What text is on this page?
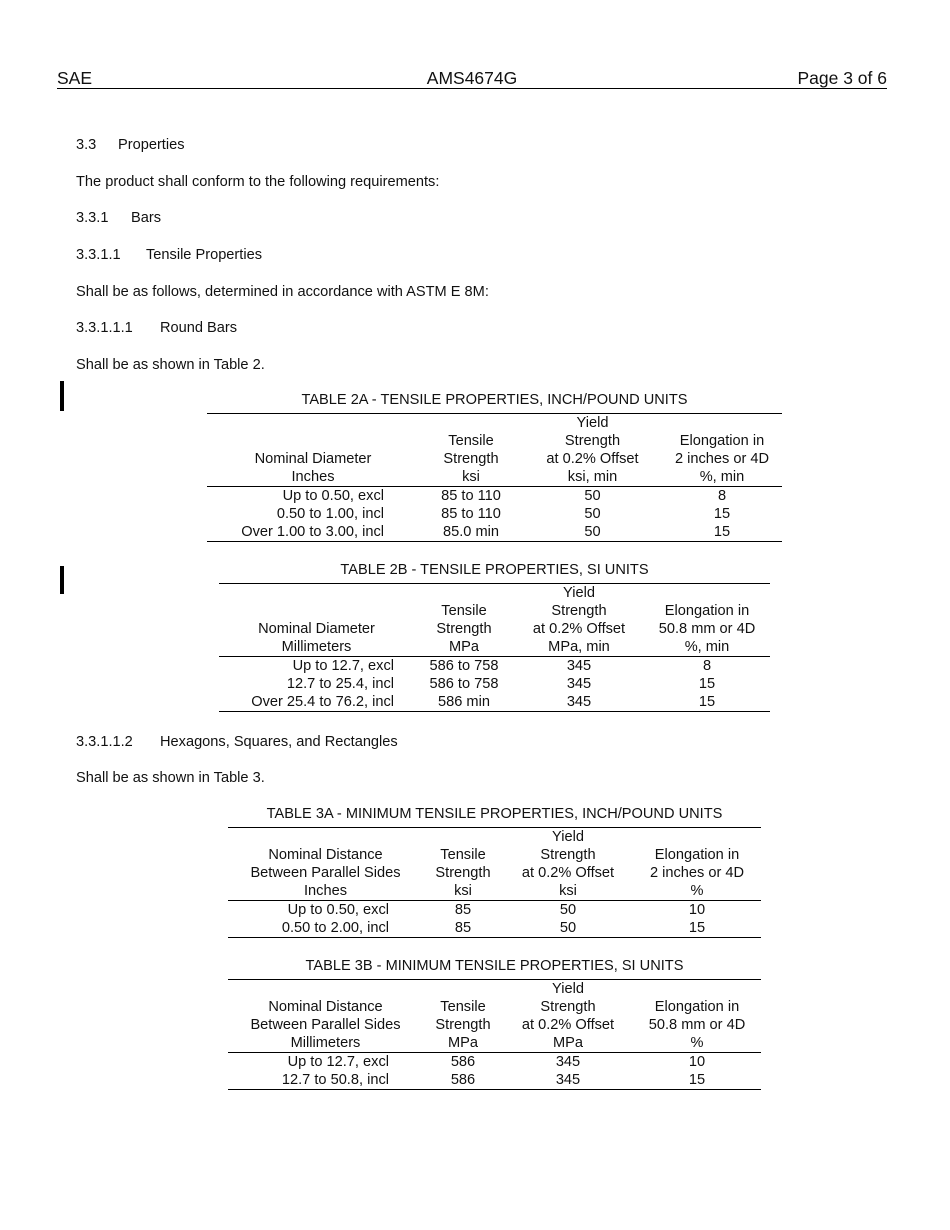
SAE	AMS4674G	Page 3 of 6
3.3 Properties
The product shall conform to the following requirements:
3.3.1 Bars
3.3.1.1 Tensile Properties
Shall be as follows, determined in accordance with ASTM E 8M:
3.3.1.1.1 Round Bars
Shall be as shown in Table 2.
TABLE 2A - TENSILE PROPERTIES, INCH/POUND UNITS
		Yield	
	Tensile	Strength	Elongation in
Nominal Diameter	Strength	at 0.2% Offset	2 inches or 4D
Inches	ksi	ksi, min	%, min
Up to 0.50, excl	85 to 110	50	8
0.50 to 1.00, incl	85 to 110	50	15
Over 1.00 to 3.00, incl	85.0 min	50	15
TABLE 2B - TENSILE PROPERTIES, SI UNITS
		Yield	
	Tensile	Strength	Elongation in
Nominal Diameter	Strength	at 0.2% Offset	50.8 mm or 4D
Millimeters	MPa	MPa, min	%, min
Up to 12.7, excl	586 to 758	345	8
12.7 to 25.4, incl	586 to 758	345	15
Over 25.4 to 76.2, incl	586 min	345	15
3.3.1.1.2 Hexagons, Squares, and Rectangles
Shall be as shown in Table 3.
TABLE 3A - MINIMUM TENSILE PROPERTIES, INCH/POUND UNITS
		Yield	
Nominal Distance	Tensile	Strength	Elongation in
Between Parallel Sides	Strength	at 0.2% Offset	2 inches or 4D
Inches	ksi	ksi	%
Up to 0.50, excl	85	50	10
0.50 to 2.00, incl	85	50	15
TABLE 3B - MINIMUM TENSILE PROPERTIES, SI UNITS
		Yield	
Nominal Distance	Tensile	Strength	Elongation in
Between Parallel Sides	Strength	at 0.2% Offset	50.8 mm or 4D
Millimeters	MPa	MPa	%
Up to 12.7, excl	586	345	10
12.7 to 50.8, incl	586	345	15
